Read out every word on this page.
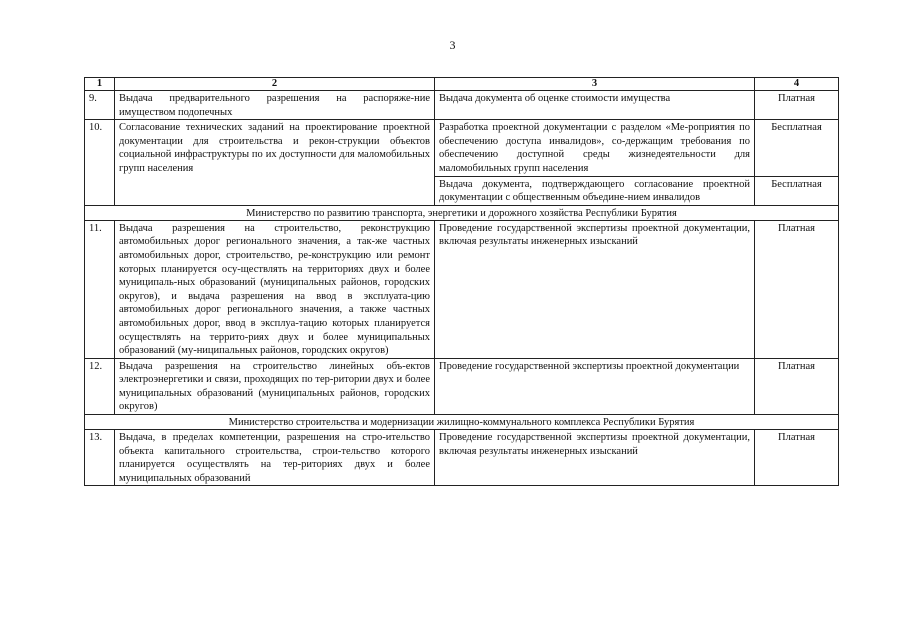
3
1	2	3	4
9.	Выдача предварительного разрешения на распоряже-ние имуществом подопечных	Выдача документа об оценке стоимости имущества	Платная
10.	Согласование технических заданий на проектирование проектной документации для строительства и рекон-струкции объектов социальной инфраструктуры по их доступности для маломобильных групп населения	Разработка проектной документации с разделом «Ме-роприятия по обеспечению доступа инвалидов», со-держащим требования по обеспечению доступной среды жизнедеятельности для маломобильных групп населения	Бесплатная
		Выдача документа, подтверждающего согласование проектной документации с общественным объедине-нием инвалидов	Бесплатная
Министерство по развитию транспорта, энергетики и дорожного хозяйства Республики Бурятия			
11.	Выдача разрешения на строительство, реконструкцию автомобильных дорог регионального значения, а так-же частных автомобильных дорог, строительство, ре-конструкцию или ремонт которых планируется осу-ществлять на территориях двух и более муниципаль-ных образований (муниципальных районов, городских округов), и выдача разрешения на ввод в эксплуата-цию автомобильных дорог регионального значения, а также частных автомобильных дорог, ввод в эксплуа-тацию которых планируется осуществлять на террито-риях двух и более муниципальных образований (му-ниципальных районов, городских округов)	Проведение государственной экспертизы проектной документации, включая результаты инженерных изысканий	Платная
12.	Выдача разрешения на строительство линейных объ-ектов электроэнергетики и связи, проходящих по тер-ритории двух и более муниципальных образований (муниципальных районов, городских округов)	Проведение государственной экспертизы проектной документации	Платная
Министерство строительства и модернизации жилищно-коммунального комплекса Республики Бурятия			
13.	Выдача, в пределах компетенции, разрешения на стро-ительство объекта капитального строительства, строи-тельство которого планируется осуществлять на тер-риториях двух и более муниципальных образований	Проведение государственной экспертизы проектной документации, включая результаты инженерных изысканий	Платная
